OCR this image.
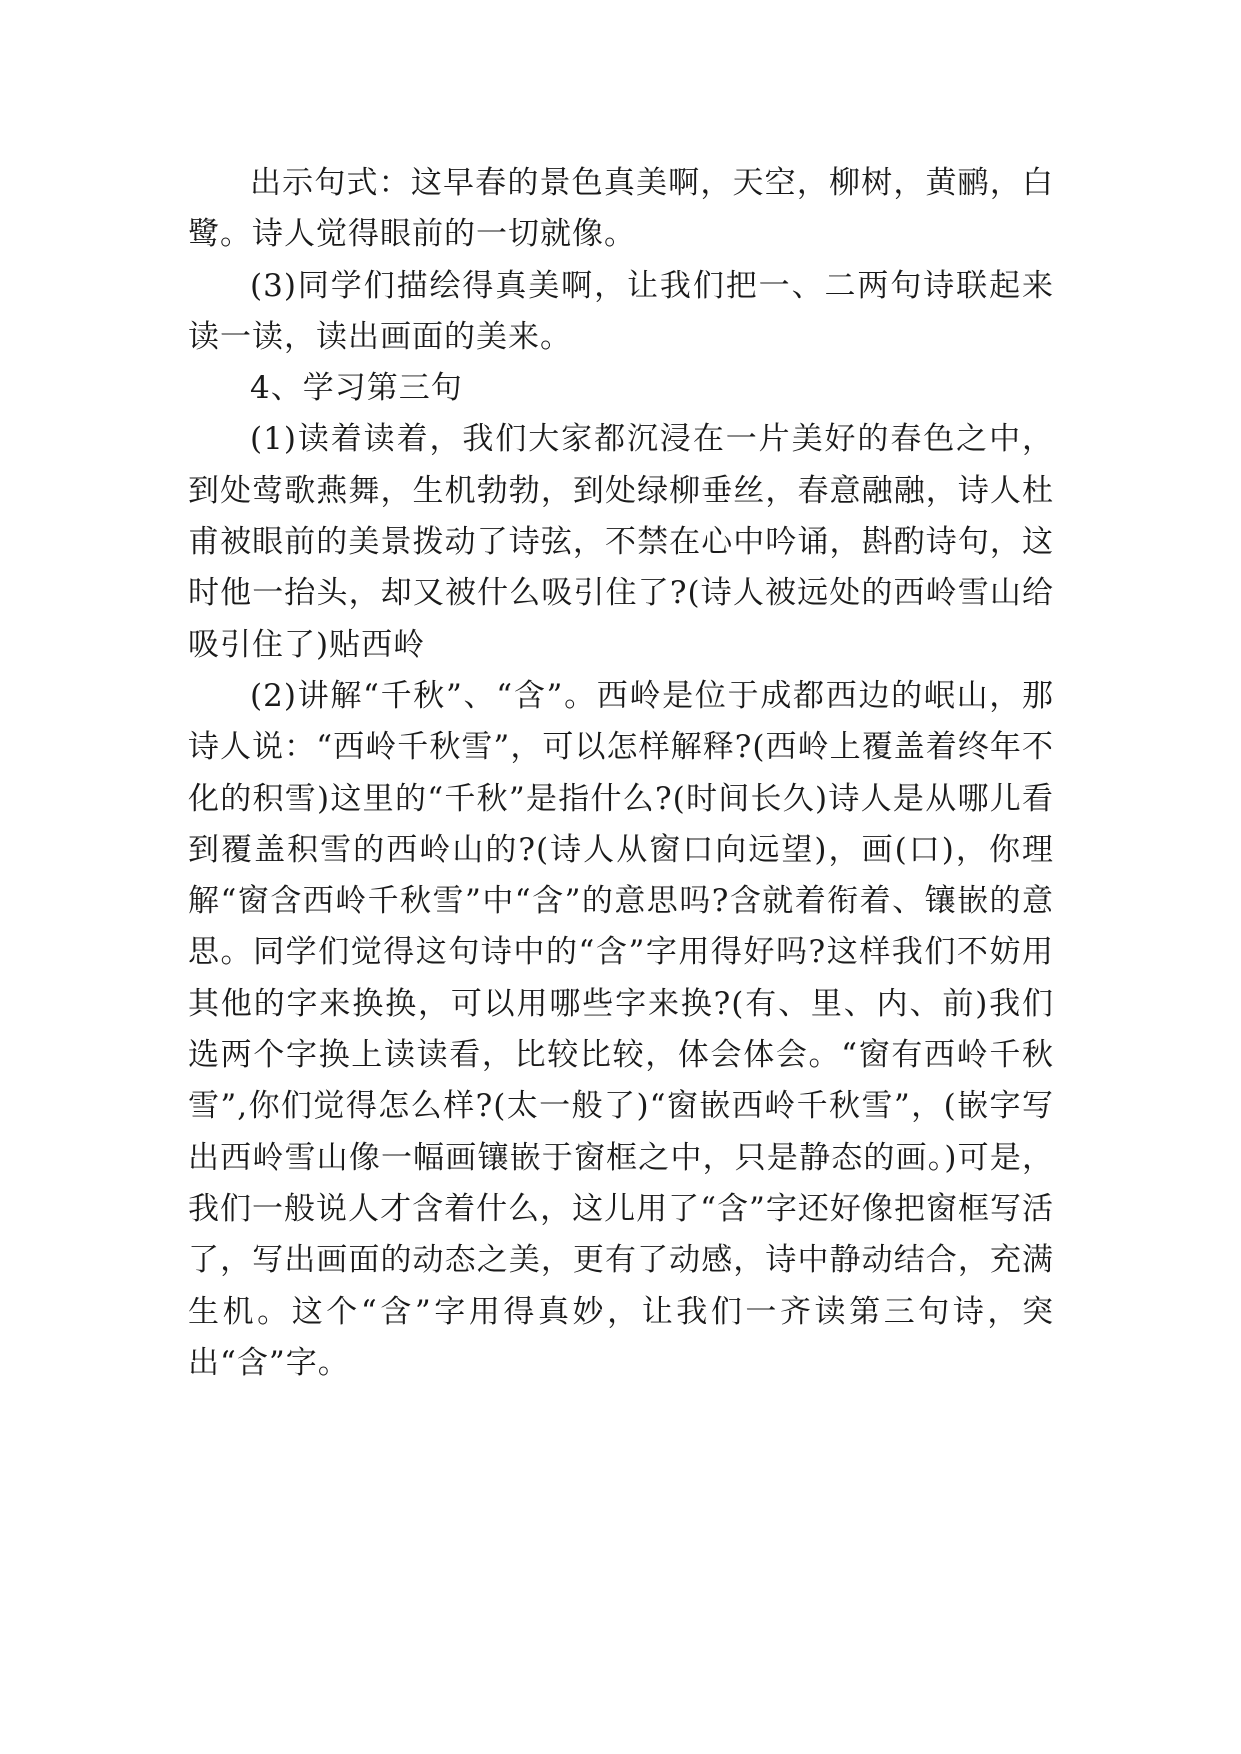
出示句式：这早春的景色真美啊，天空，柳树，黄鹂，白鹭。诗人觉得眼前的一切就像。

(3)同学们描绘得真美啊，让我们把一、二两句诗联起来读一读，读出画面的美来。

4、学习第三句

(1)读着读着，我们大家都沉浸在一片美好的春色之中，到处莺歌燕舞，生机勃勃，到处绿柳垂丝，春意融融，诗人杜甫被眼前的美景拨动了诗弦，不禁在心中吟诵，斟酌诗句，这时他一抬头，却又被什么吸引住了?(诗人被远处的西岭雪山给吸引住了)贴西岭

(2)讲解“千秋”、“含”。西岭是位于成都西边的岷山，那诗人说：“西岭千秋雪”，可以怎样解释?(西岭上覆盖着终年不化的积雪)这里的“千秋”是指什么?(时间长久)诗人是从哪儿看到覆盖积雪的西岭山的?(诗人从窗口向远望)，画(口)，你理解“窗含西岭千秋雪”中“含”的意思吗?含就着衔着、镶嵌的意思。同学们觉得这句诗中的“含”字用得好吗?这样我们不妨用其他的字来换换，可以用哪些字来换?(有、里、内、前)我们选两个字换上读读看，比较比较，体会体会。“窗有西岭千秋雪”,你们觉得怎么样?(太一般了)“窗嵌西岭千秋雪”，(嵌字写出西岭雪山像一幅画镶嵌于窗框之中，只是静态的画。)可是，我们一般说人才含着什么，这儿用了“含”字还好像把窗框写活了，写出画面的动态之美，更有了动感，诗中静动结合，充满生机。这个“含”字用得真妙，让我们一齐读第三句诗，突出“含”字。
